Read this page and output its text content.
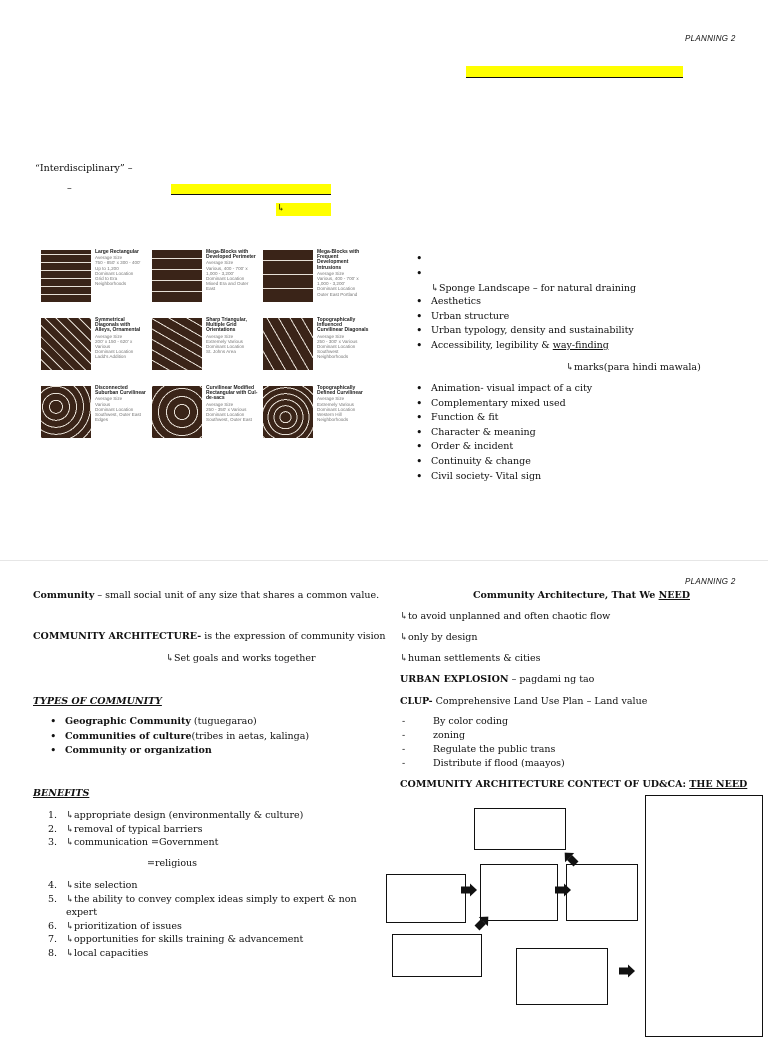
PLANNING 2
“Interdisciplinary” –
–
↳
Large Rectangular
Average Size
750 - 850' x 300 - 400'
Up to 1,200
Dominant Location
Grid to Era
Neighborhoods
Mega-Blocks with Developed Perimeter
Average Size
Various, 400 - 700' x
1,000 - 3,200'
Dominant Location
Mixed Era and Outer East
Mega-Blocks with Frequent Development Intrusions
Average Size
Various, 400 - 700' x
1,000 - 3,200'
Dominant Location
Outer East Portland
Symmetrical Diagonals with Alleys, Ornamental
Average Size
200' x 150 - 620' x
Various
Dominant Location
Ladd's Addition
Sharp Triangular, Multiple Grid Orientations
Average Size
Extremely Various
Dominant Location
St. Johns Area
Topographically Influenced Curvilinear Diagonals
Average Size
250 - 300' x Various
Dominant Location
Southwest
Neighborhoods
Disconnected Suburban Curvilinear
Average Size
Various
Dominant Location
Southwest, Outer East
Edges
Curvilinear Modified Rectangular with Cul-de-sacs
Average Size
250 - 350' x Various
Dominant Location
Southwest, Outer East
Topographically Defined Curvilinear
Average Size
Extremely Various
Dominant Location
Western Hill
Neighborhoods
•
•
↳Sponge Landscape – for natural draining
• Aesthetics
• Urban structure
• Urban typology, density and sustainability
• Accessibility, legibility & way-finding
↳marks(para hindi mawala)
• Animation- visual impact of a city
• Complementary mixed used
• Function & fit
• Character & meaning
• Order & incident
• Continuity & change
• Civil society- Vital sign
PLANNING 2
Community – small social unit of any size that shares a common value.
COMMUNITY ARCHITECTURE- is the expression of community vision
↳Set goals and works together
TYPES OF COMMUNITY
• Geographic Community (tuguegarao)
• Communities of culture(tribes in aetas, kalinga)
• Community or organization
BENEFITS
1. ↳appropriate design (environmentally & culture)
2. ↳removal of typical barriers
3. ↳communication =Government
=religious
4. ↳site selection
5. ↳the ability to convey complex ideas simply to expert & non expert
6. ↳prioritization of issues
7. ↳opportunities for skills training & advancement
8. ↳local capacities
Community Architecture, That We NEED
↳to avoid unplanned and often chaotic flow
↳only by design
↳human settlements & cities
URBAN EXPLOSION – pagdami ng tao
CLUP- Comprehensive Land Use Plan – Land value
- By color coding
- zoning
- Regulate the public trans
- Distribute if flood (maayos)
COMMUNITY ARCHITECTURE CONTECT OF UD&CA: THE NEED
